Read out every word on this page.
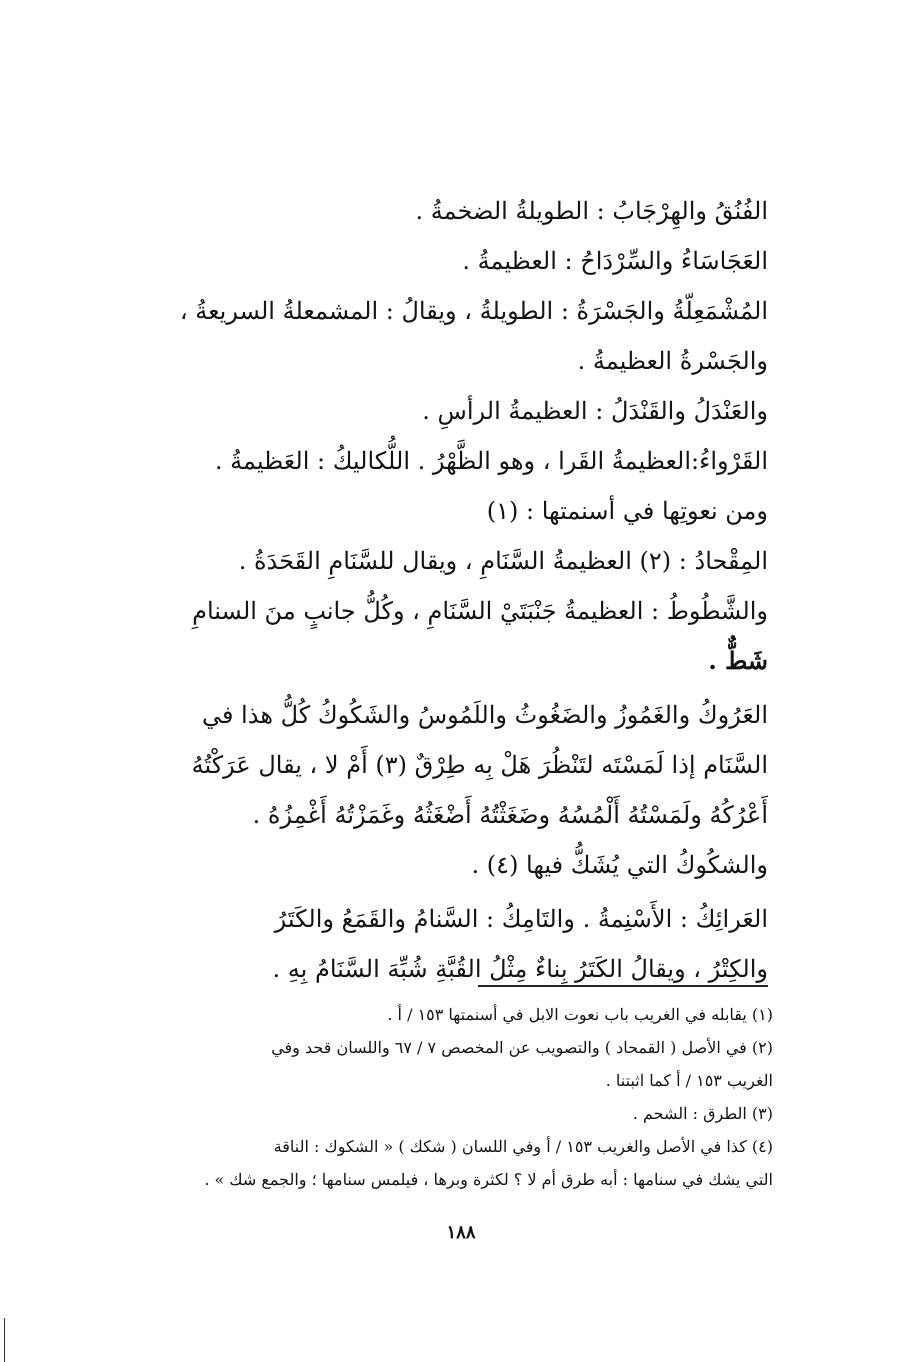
الفُنُقُ والهِرْجَابُ : الطويلةُ الضخمةُ .

العَجَاسَاءُ والسِّرْدَاحُ : العظيمةُ .

المُشْمَعِلّةُ والجَسْرَةُ : الطويلةُ ، ويقالُ : المشمعلةُ السريعةُ ،

والجَسْرةُ العظيمةُ .

والعَنْدَلُ والقَنْدَلُ : العظيمةُ الرأسِ .

القَرْواءُ:العظيمةُ القَرا ، وهو الظَّهْرُ . اللُّكاليكُ : العَظيمةُ .

ومن نعوتِها في أسنمتها : (١)

المِقْحادُ : (٢) العظيمةُ السَّنَامِ ، ويقال للسَّنَامِ القَحَدَةُ .

والشَّطُوطُ : العظيمةُ جَنْبَتَيْ السَّنَامِ ، وكُلُّ جانبٍ منَ السنامِ

شَطٌّ .

العَرُوكُ والغَمُوزُ والضَغُوثُ واللَمُوسُ والشَكُوكُ كُلُّ هذا في

السَّنَام إذا لَمَسْتَه لتَنْظُرَ هَلْ بِه طِرْقٌ (٣) أَمْ لا ، يقال عَرَكْتُهُ

أَعْرُكُهُ ولَمَسْتُهُ أَلْمُسُهُ وضَغَثْتُهُ أَضْغَثُهُ وغَمَزْتُهُ أَغْمِزُهُ .

والشكُوكُ التي يُشَكُّ فيها (٤) .

العَرائِكُ : الأَسْنِمةُ . والتَامِكُ : السَّنامُ والقَمَعُ والكَتَرُ

والكِتْرُ ، ويقالُ الكَتَرُ بِناءٌ مِثْلُ القُبَّةِ شُبِّهَ السَّنَامُ بِهِ .

(١) يقابله في الغريب باب نعوت الابل في أسنمتها ١٥٣ / أ .

(٢) في الأصل ( القمحاد ) والتصويب عن المخصص ٧ / ٦٧ واللسان قحد وفي

الغريب ١٥٣ / أ كما اثبتنا .

(٣) الطرق : الشحم .

(٤) كذا في الأصل والغريب ١٥٣ / أ وفي اللسان ( شكك ) « الشكوك : الناقة

التي يشك في سنامها : أبه طرق أم لا ؟ لكثرة وبرها ، فيلمس سنامها ؛ والجمع شك » .

١٨٨
